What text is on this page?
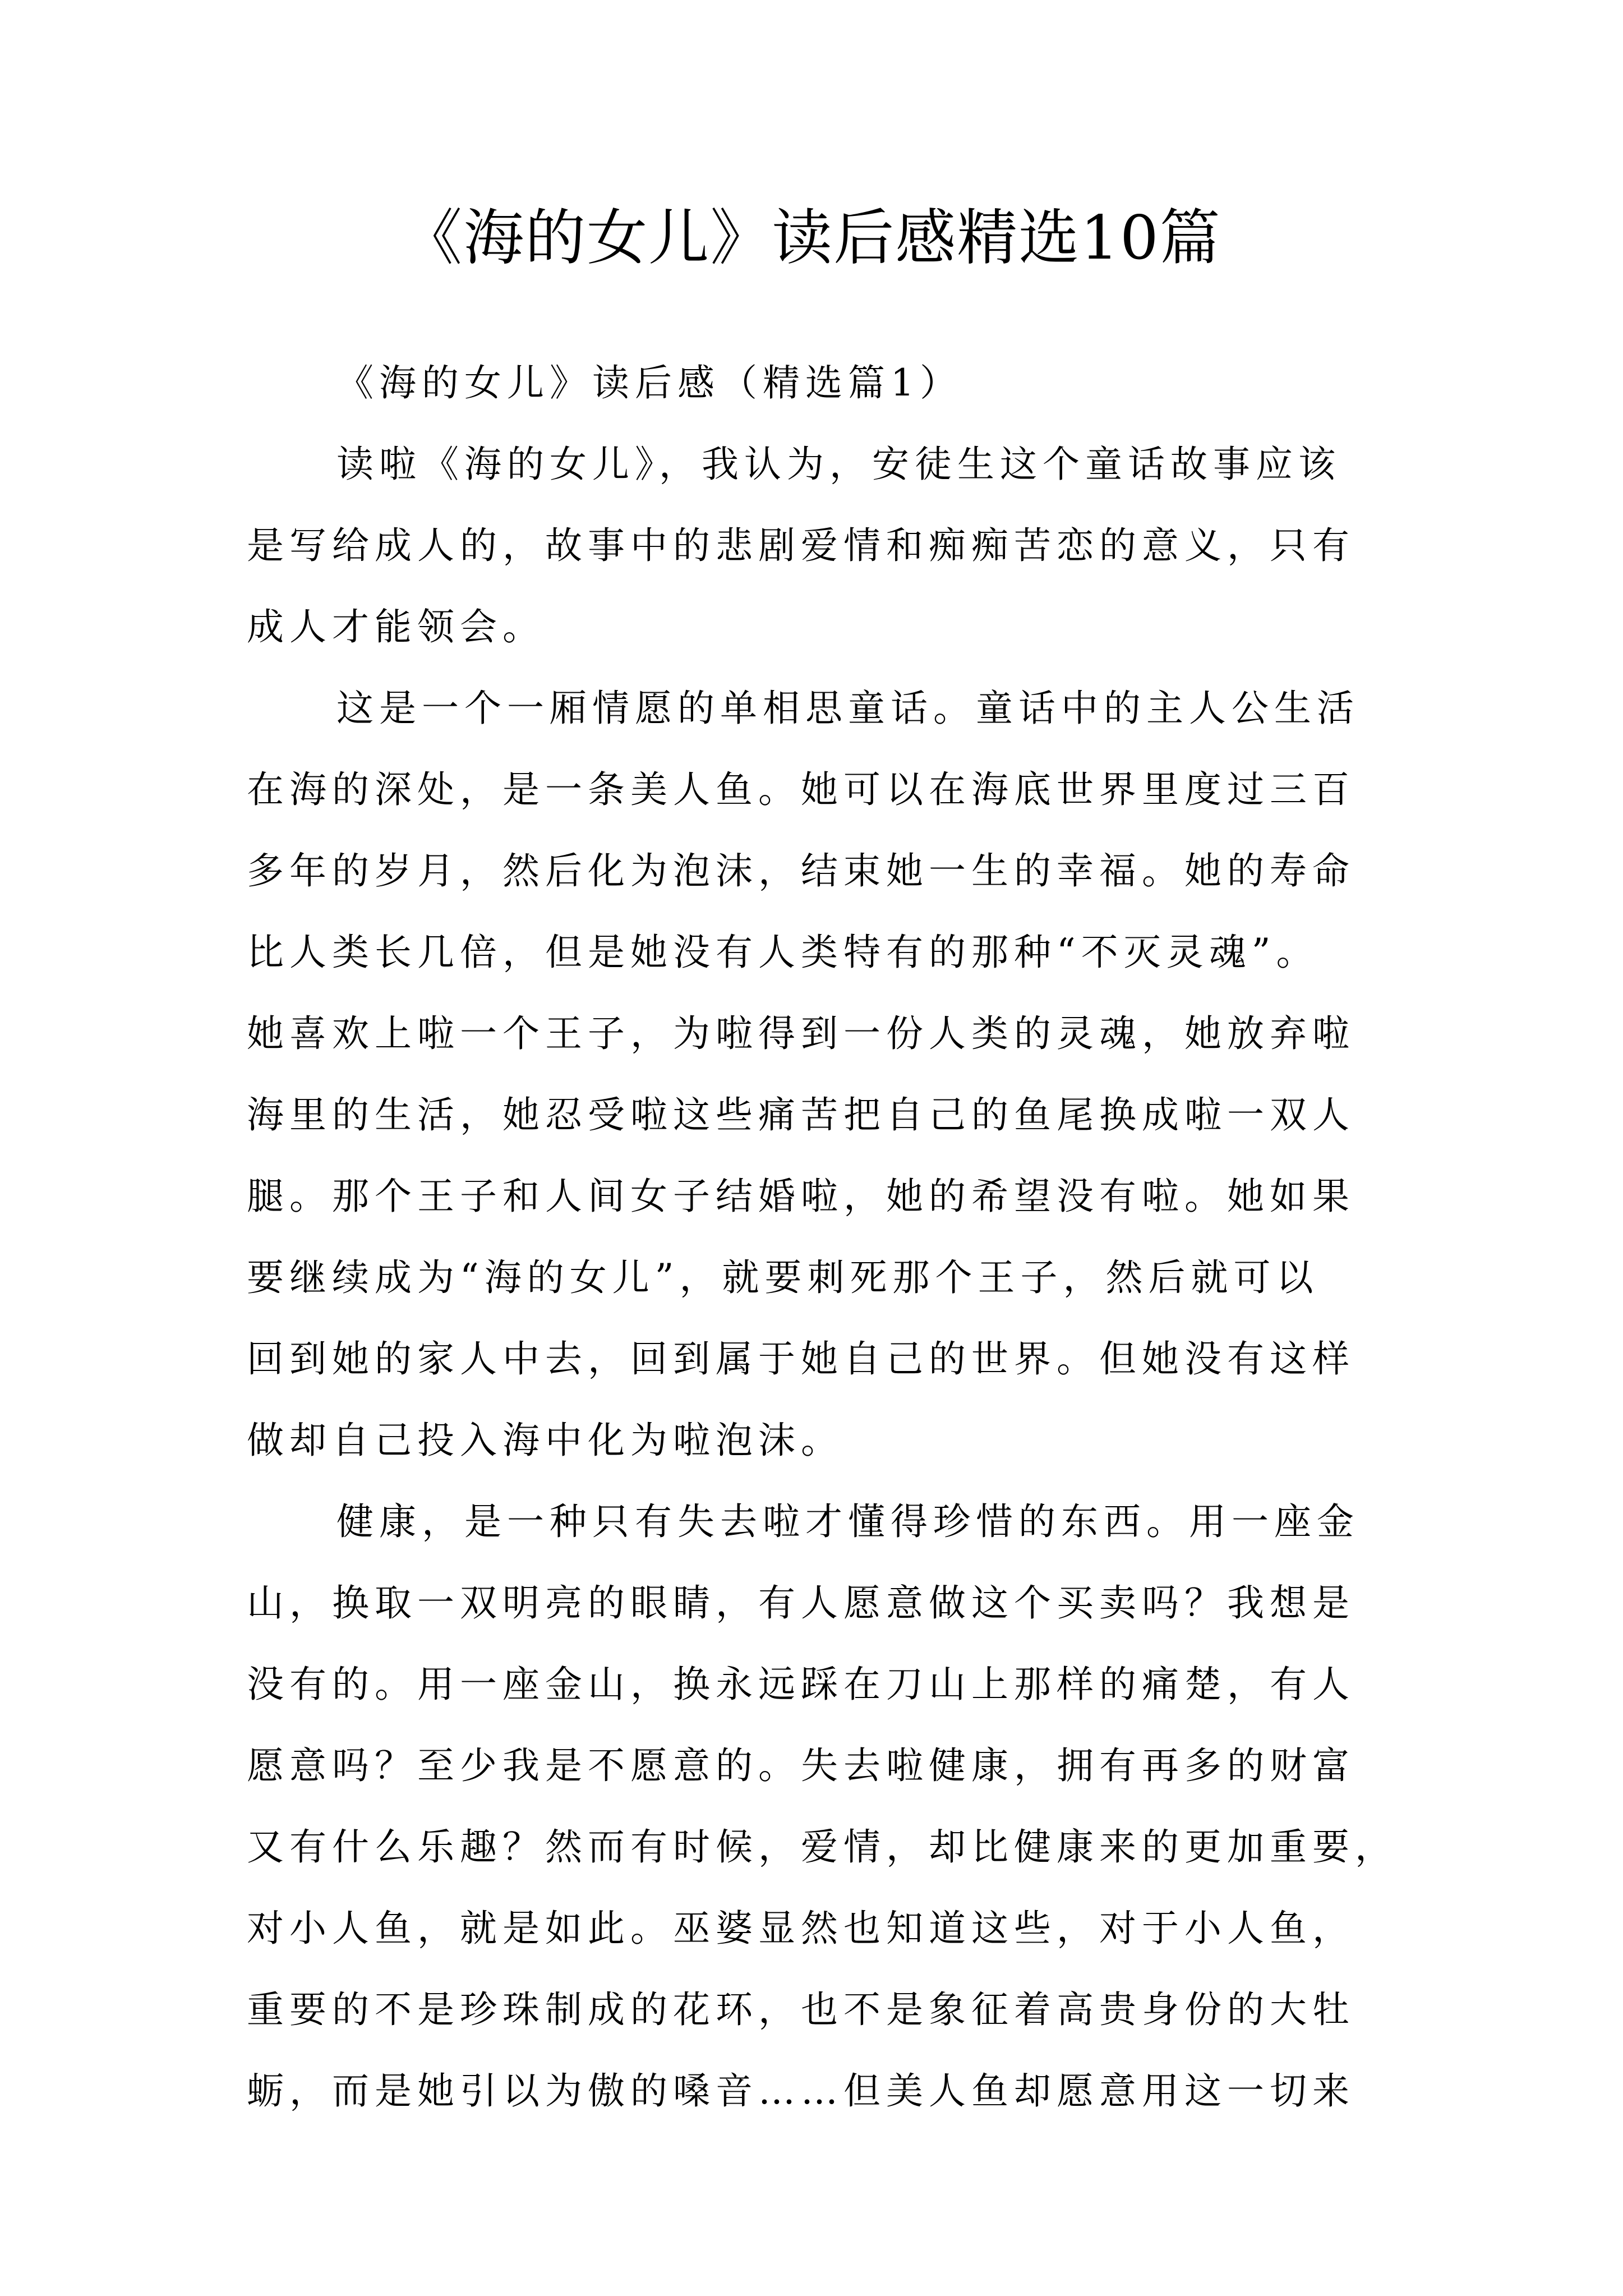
《海的女儿》读后感精选10篇
《海的女儿》读后感（精选篇1）
读啦《海的女儿》，我认为，安徒生这个童话故事应该
是写给成人的，故事中的悲剧爱情和痴痴苦恋的意义，只有
成人才能领会。
这是一个一厢情愿的单相思童话。童话中的主人公生活
在海的深处，是一条美人鱼。她可以在海底世界里度过三百
多年的岁月，然后化为泡沫，结束她一生的幸福。她的寿命
比人类长几倍，但是她没有人类特有的那种“不灭灵魂”。
她喜欢上啦一个王子，为啦得到一份人类的灵魂，她放弃啦
海里的生活，她忍受啦这些痛苦把自己的鱼尾换成啦一双人
腿。那个王子和人间女子结婚啦，她的希望没有啦。她如果
要继续成为“海的女儿”，就要刺死那个王子，然后就可以
回到她的家人中去，回到属于她自己的世界。但她没有这样
做却自己投入海中化为啦泡沫。
健康，是一种只有失去啦才懂得珍惜的东西。用一座金
山，换取一双明亮的眼睛，有人愿意做这个买卖吗？我想是
没有的。用一座金山，换永远踩在刀山上那样的痛楚，有人
愿意吗？至少我是不愿意的。失去啦健康，拥有再多的财富
又有什么乐趣？然而有时候，爱情，却比健康来的更加重要，
对小人鱼，就是如此。巫婆显然也知道这些，对于小人鱼，
重要的不是珍珠制成的花环，也不是象征着高贵身份的大牡
蛎，而是她引以为傲的嗓音……但美人鱼却愿意用这一切来
